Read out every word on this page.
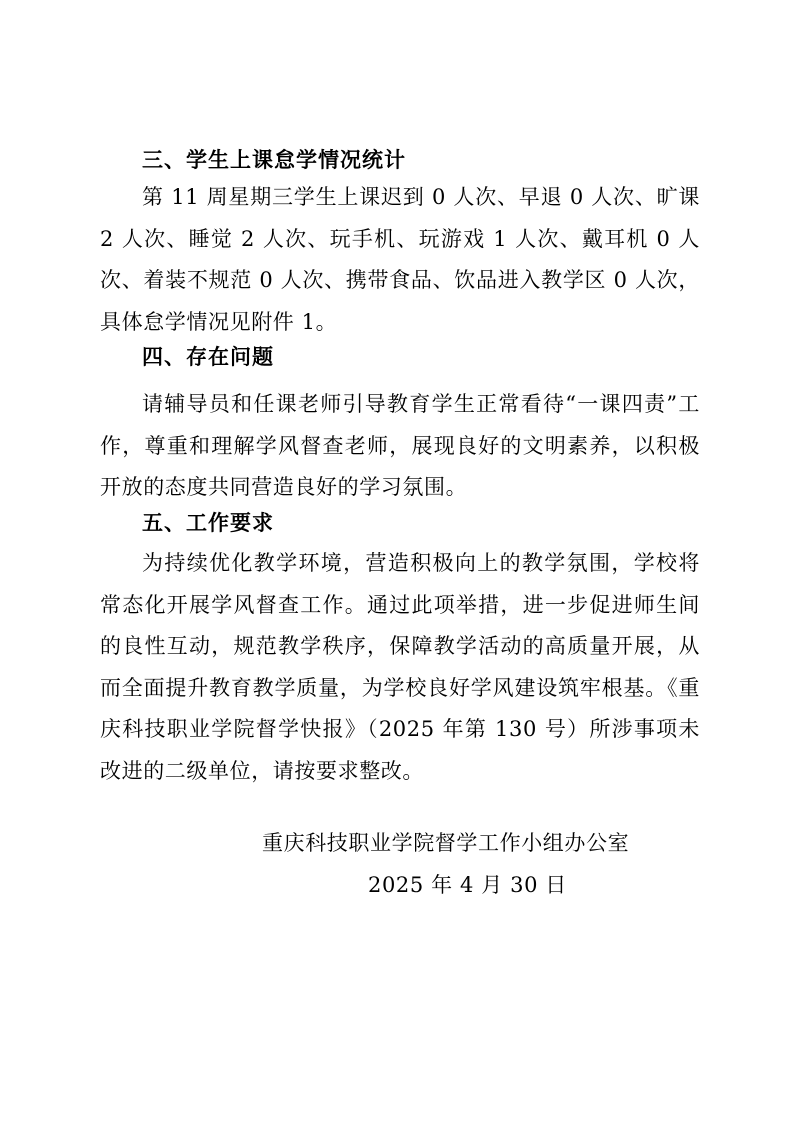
三、学生上课怠学情况统计
第 11 周星期三学生上课迟到 0 人次、早退 0 人次、旷课 2 人次、睡觉 2 人次、玩手机、玩游戏 1 人次、戴耳机 0 人次、着装不规范 0 人次、携带食品、饮品进入教学区 0 人次，具体怠学情况见附件 1。
四、存在问题
请辅导员和任课老师引导教育学生正常看待“一课四责”工作，尊重和理解学风督查老师，展现良好的文明素养，以积极开放的态度共同营造良好的学习氛围。
五、工作要求
为持续优化教学环境，营造积极向上的教学氛围，学校将常态化开展学风督查工作。通过此项举措，进一步促进师生间的良性互动，规范教学秩序，保障教学活动的高质量开展，从而全面提升教育教学质量，为学校良好学风建设筑牢根基。《重庆科技职业学院督学快报》（2025 年第 130 号）所涉事项未改进的二级单位，请按要求整改。
重庆科技职业学院督学工作小组办公室
2025 年 4 月 30 日
